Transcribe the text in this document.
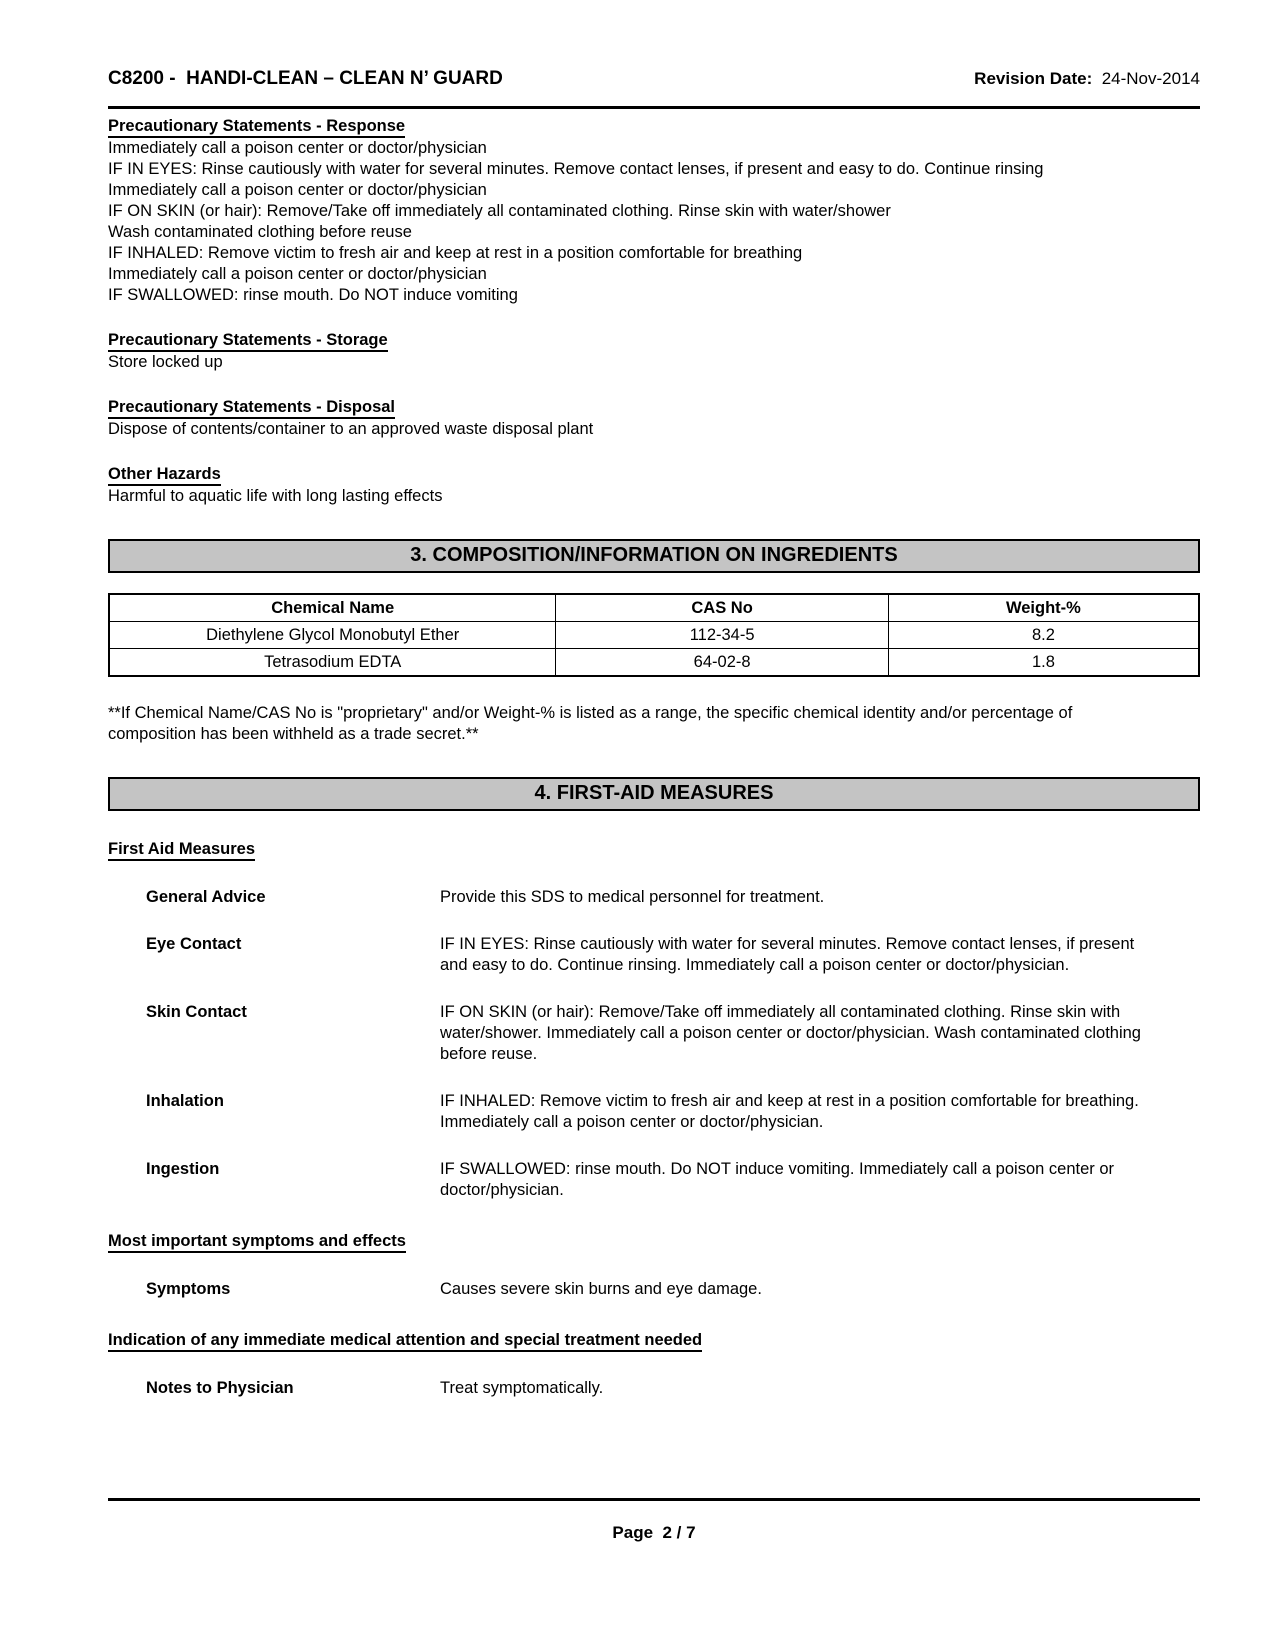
C8200 -  HANDI-CLEAN – CLEAN N’ GUARD	Revision Date:  24-Nov-2014
Precautionary Statements - Response

Immediately call a poison center or doctor/physician

IF IN EYES: Rinse cautiously with water for several minutes. Remove contact lenses, if present and easy to do. Continue rinsing

Immediately call a poison center or doctor/physician

IF ON SKIN (or hair): Remove/Take off immediately all contaminated clothing. Rinse skin with water/shower

Wash contaminated clothing before reuse

IF INHALED: Remove victim to fresh air and keep at rest in a position comfortable for breathing

Immediately call a poison center or doctor/physician

IF SWALLOWED: rinse mouth. Do NOT induce vomiting

Precautionary Statements - Storage

Store locked up

Precautionary Statements - Disposal

Dispose of contents/container to an approved waste disposal plant

Other Hazards

Harmful to aquatic life with long lasting effects

3. COMPOSITION/INFORMATION ON INGREDIENTS
Chemical Name	CAS No	Weight-%
Diethylene Glycol Monobutyl Ether	112-34-5	8.2
Tetrasodium EDTA	64-02-8	1.8

**If Chemical Name/CAS No is "proprietary" and/or Weight-% is listed as a range, the specific chemical identity and/or percentage of composition has been withheld as a trade secret.**

4. FIRST-AID MEASURES
First Aid Measures
General Advice	Provide this SDS to medical personnel for treatment.
Eye Contact	IF IN EYES: Rinse cautiously with water for several minutes. Remove contact lenses, if present and easy to do. Continue rinsing. Immediately call a poison center or doctor/physician.
Skin Contact	IF ON SKIN (or hair): Remove/Take off immediately all contaminated clothing. Rinse skin with water/shower. Immediately call a poison center or doctor/physician. Wash contaminated clothing before reuse.
Inhalation	IF INHALED: Remove victim to fresh air and keep at rest in a position comfortable for breathing. Immediately call a poison center or doctor/physician.
Ingestion	IF SWALLOWED: rinse mouth. Do NOT induce vomiting. Immediately call a poison center or doctor/physician.
Most important symptoms and effects
Symptoms	Causes severe skin burns and eye damage.
Indication of any immediate medical attention and special treatment needed
Notes to Physician	Treat symptomatically.
Page  2 / 7
